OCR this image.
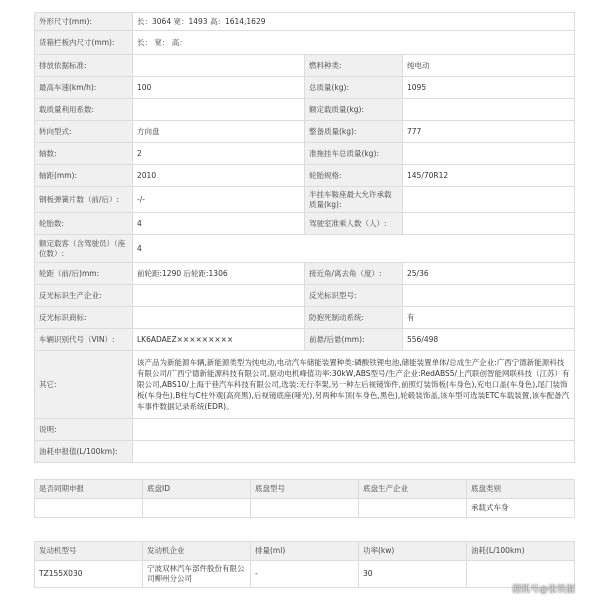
外形尺寸(mm):	长：3064 宽：1493 高：1614,1629		
货箱栏板内尺寸(mm):	长： 宽： 高：		
排放依据标准:		燃料种类:	纯电动
最高车速(km/h):	100	总质量(kg):	1095
载质量利用系数:		额定载质量(kg):	
转向型式:	方向盘	整备质量(kg):	777
轴数:	2	准拖挂车总质量(kg):	
轴距(mm):	2010	轮胎规格:	145/70R12
钢板弹簧片数（前/后）:	-/-	半挂车鞍座最大允许承载质量(kg):	
轮胎数:	4	驾驶室准乘人数（人）:	
额定载客（含驾驶员）（座位数）:	4		
轮距（前/后)mm:	前轮距:1290 后轮距:1306	接近角/离去角（度）:	25/36
反光标识生产企业:		反光标识型号:	
反光标识商标:		防抱死制动系统:	有
车辆识别代号（VIN）:	LK6ADAEZ×××××××××	前悬/后悬(mm):	556/498
其它:	该产品为新能源车辆,新能源类型为纯电动,电动汽车储能装置种类:磷酸铁锂电池,储能装置单体/总成生产企业:广西宁德新能源科技有限公司/广西宁德新能源科技有限公司,驱动电机峰值功率:30kW,ABS型号/生产企业:RedABS5/上汽联创智能网联科技（江苏）有限公司,ABS10/上海干巷汽车科技有限公司,选装:无行李架,另一种左后视镜饰件,前照灯装饰板(车身色),充电口盖(车身色),尾门装饰板(车身色),B柱与C柱外观(高亮黑),后视镜底座(哑光),另两种车顶(车身色,黑色),轮毂装饰盖,该车型可选装ETC车载装置,该车配备汽车事件数据记录系统(EDR)。		
说明:			
油耗申报值(L/100km):			
是否同期申报	底盘ID	底盘型号	底盘生产企业	底盘类别
				承载式车身
发动机型号	发动机企业	排量(ml)	功率(kw)	油耗(L/100km)
TZ155X030	宁波双林汽车部件股份有限公司柳州分公司	-	30	
搜狐号@张铁掘
